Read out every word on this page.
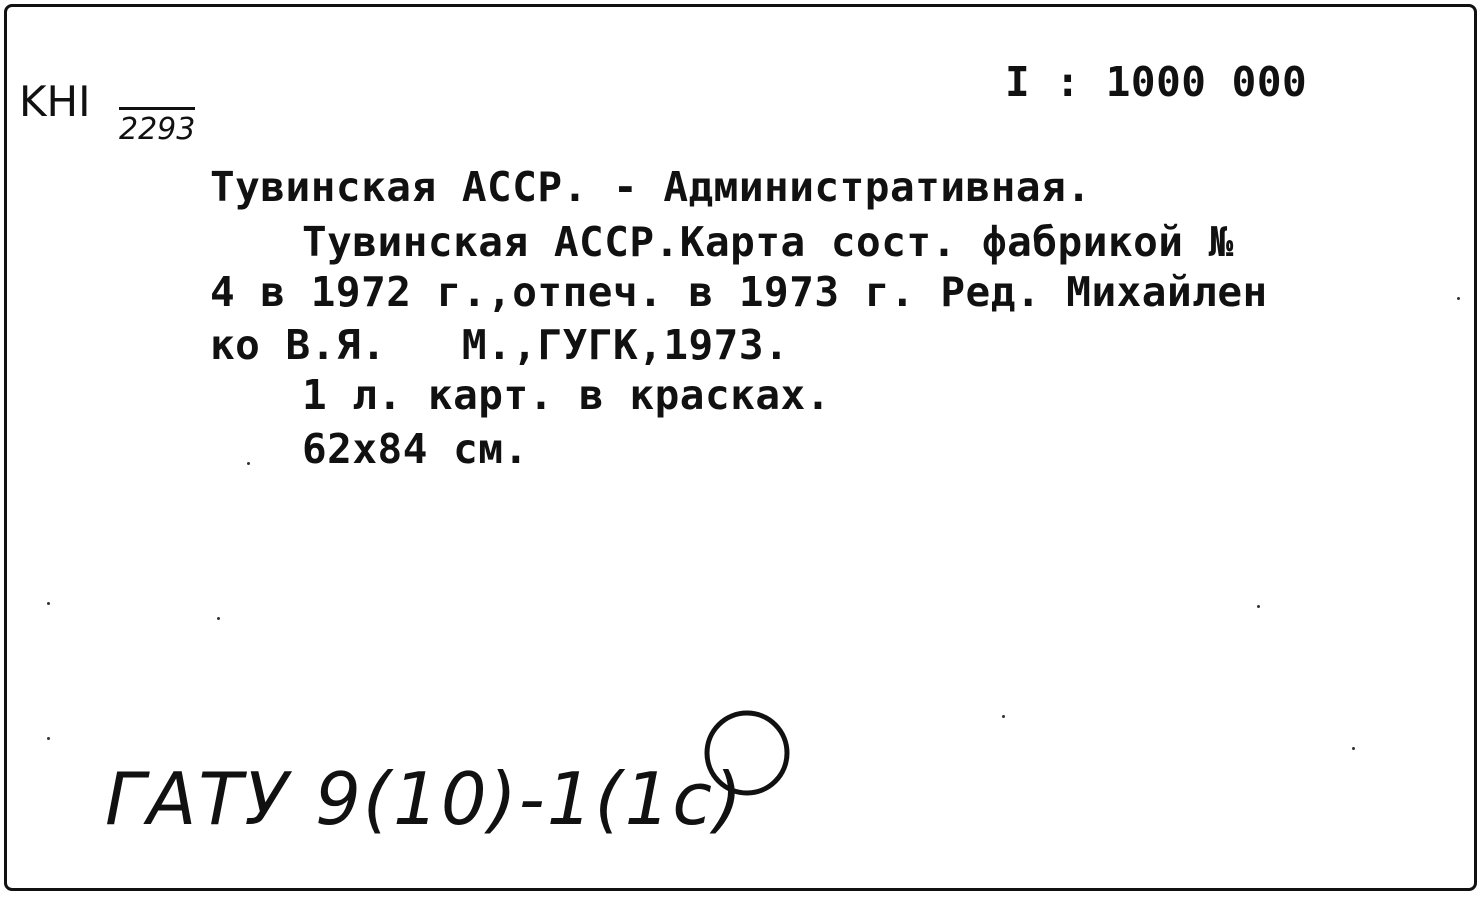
KHI
2293
I : 1000 000
Тувинская АССР. - Административная.
Тувинская АССР.Карта сост. фабрикой №
4 в 1972 г.,отпеч. в 1973 г. Ред. Михайлен
ко В.Я.   М.,ГУГК,1973.
1 л. карт. в красках.
62x84 см.
ГАТУ 9(10)-1(1c)
